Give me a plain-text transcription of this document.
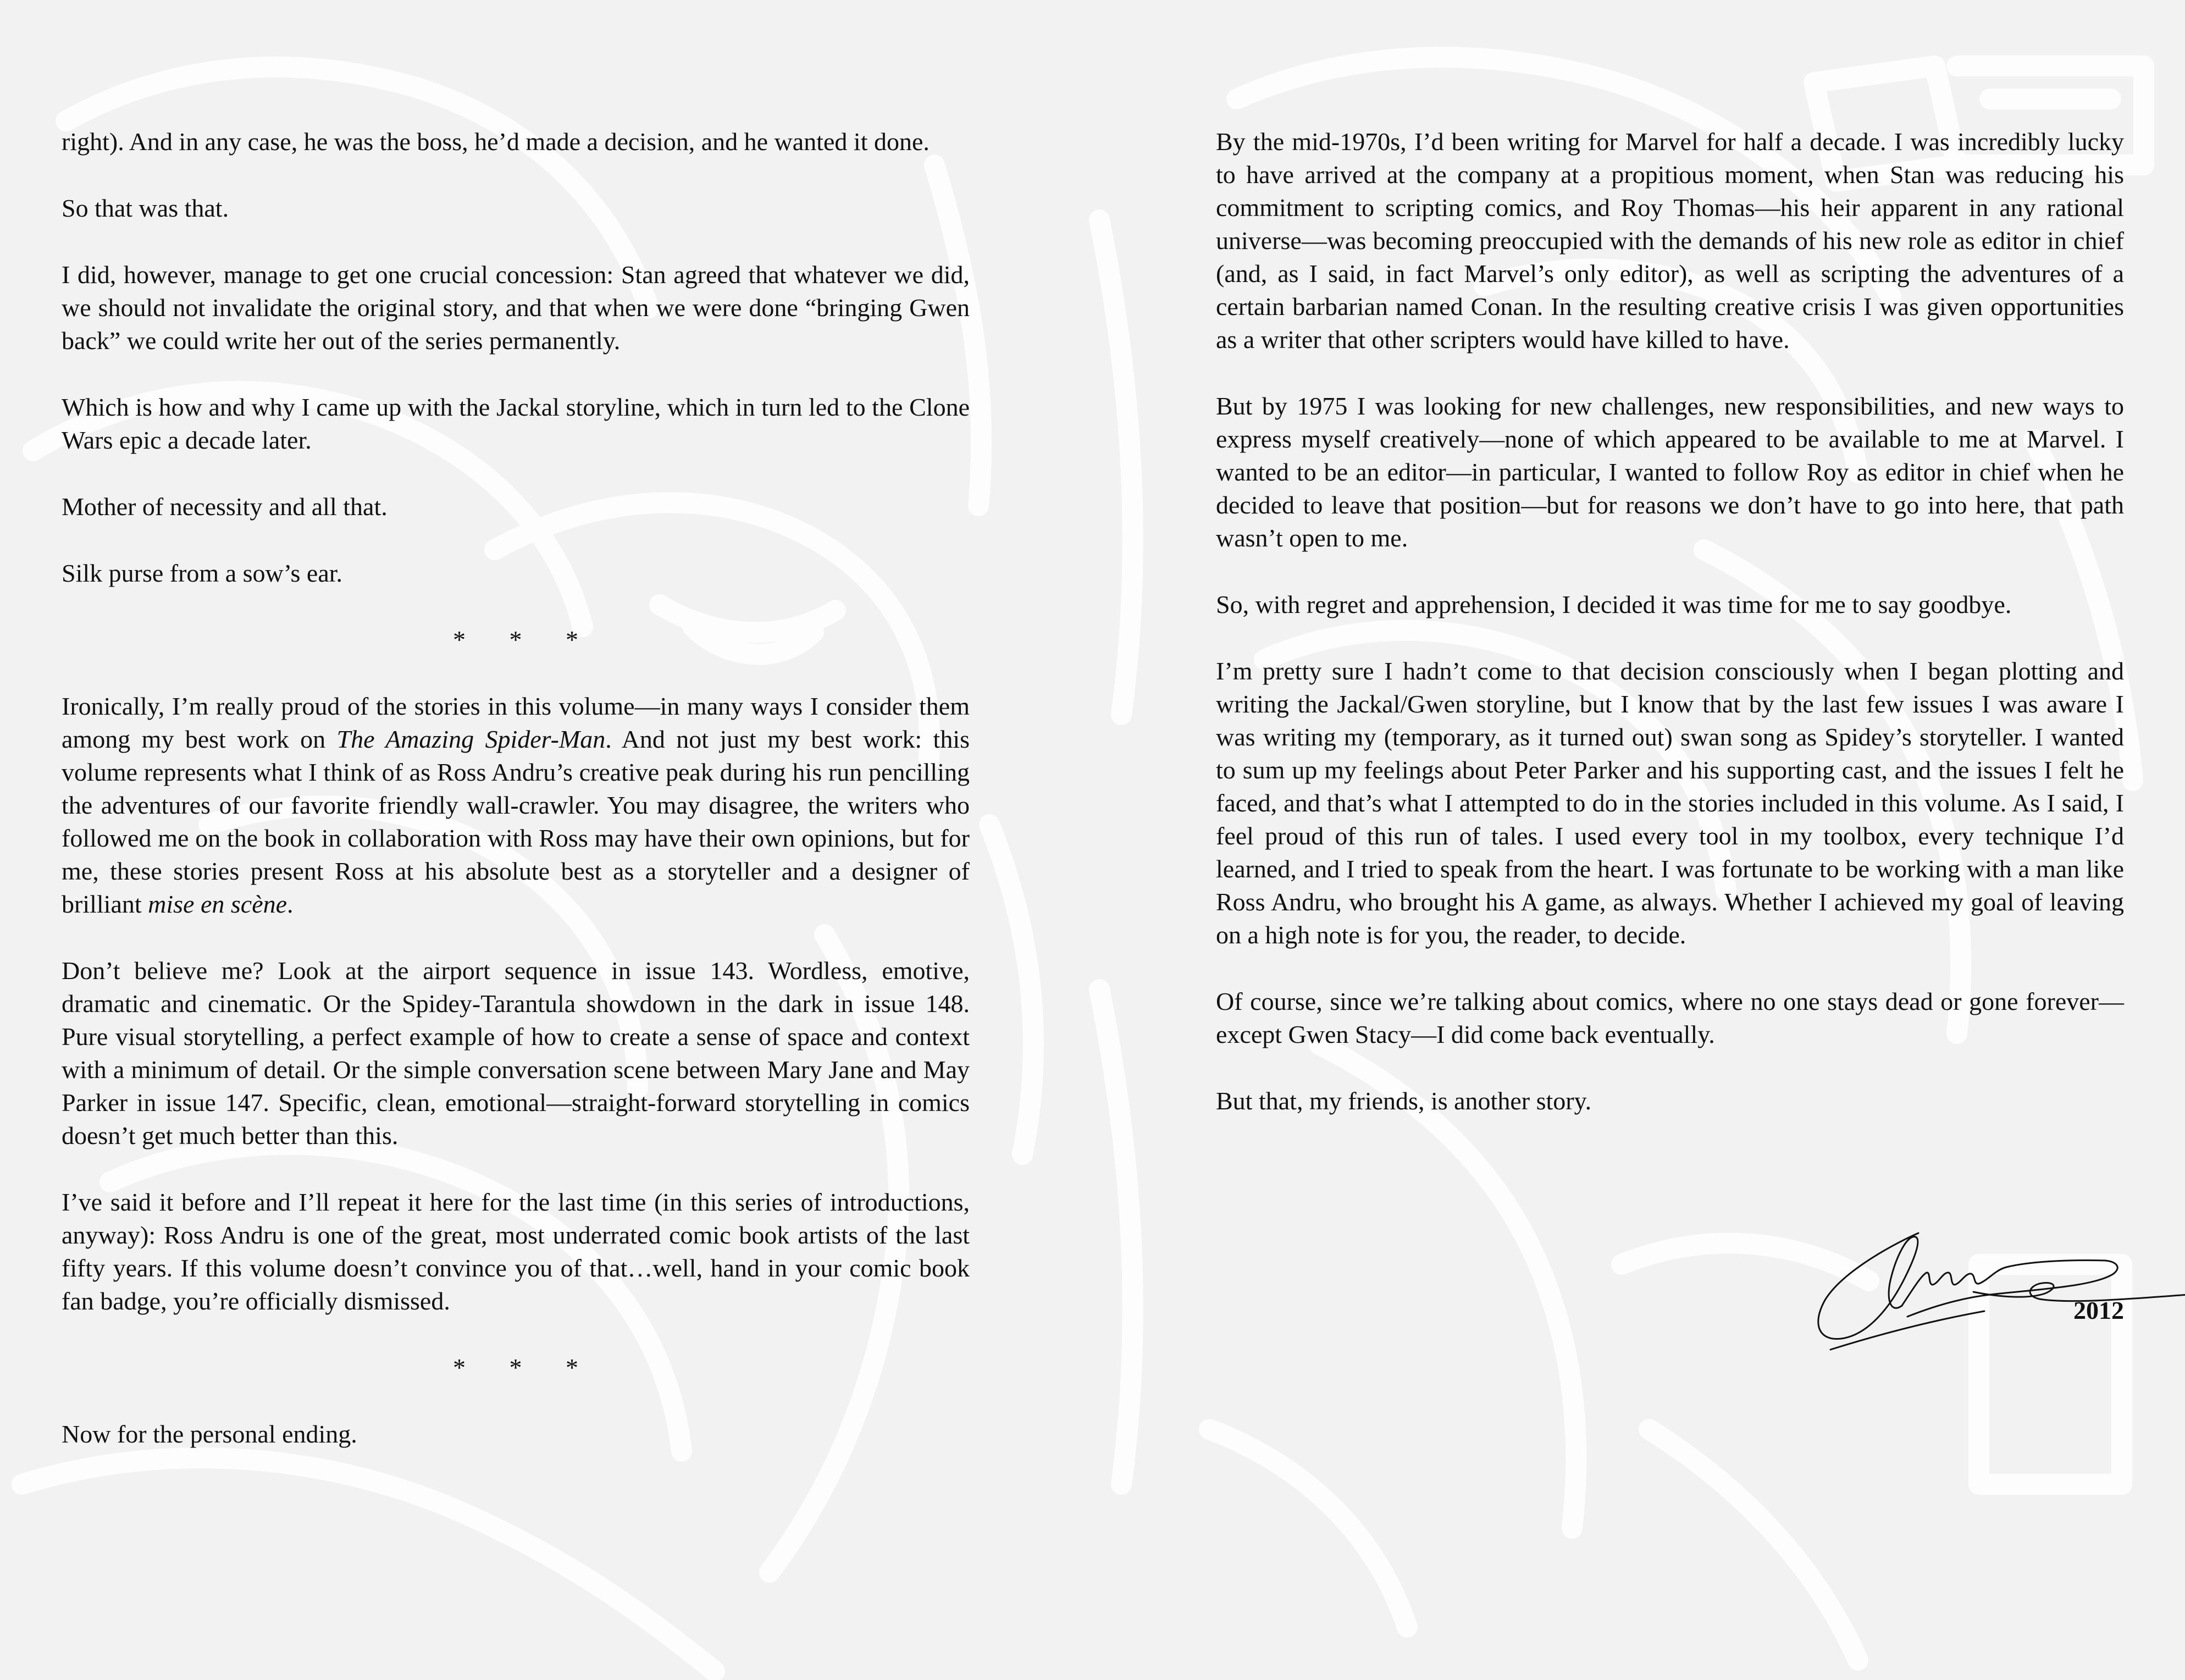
right). And in any case, he was the boss, he’d made a decision, and he wanted it done.

So that was that.

I did, however, manage to get one crucial concession: Stan agreed that whatever we did, we should not invalidate the original story, and that when we were done “bringing Gwen back” we could write her out of the series permanently.

Which is how and why I came up with the Jackal storyline, which in turn led to the Clone Wars epic a decade later.

Mother of necessity and all that.

Silk purse from a sow’s ear.

* * *

Ironically, I’m really proud of the stories in this volume—in many ways I consider them among my best work on The Amazing Spider-Man. And not just my best work: this volume represents what I think of as Ross Andru’s creative peak during his run pencilling the adventures of our favorite friendly wall-crawler. You may disagree, the writers who followed me on the book in collaboration with Ross may have their own opinions, but for me, these stories present Ross at his absolute best as a storyteller and a designer of brilliant mise en scène.

Don’t believe me? Look at the airport sequence in issue 143. Wordless, emotive, dramatic and cinematic. Or the Spidey-Tarantula showdown in the dark in issue 148. Pure visual storytelling, a perfect example of how to create a sense of space and context with a minimum of detail. Or the simple conversation scene between Mary Jane and May Parker in issue 147. Specific, clean, emotional—straight-forward storytelling in comics doesn’t get much better than this.

I’ve said it before and I’ll repeat it here for the last time (in this series of introductions, anyway): Ross Andru is one of the great, most underrated comic book artists of the last fifty years. If this volume doesn’t convince you of that…well, hand in your comic book fan badge, you’re officially dismissed.

* * *

Now for the personal ending.

By the mid-1970s, I’d been writing for Marvel for half a decade. I was incredibly lucky to have arrived at the company at a propitious moment, when Stan was reducing his commitment to scripting comics, and Roy Thomas—his heir apparent in any rational universe—was becoming preoccupied with the demands of his new role as editor in chief (and, as I said, in fact Marvel’s only editor), as well as scripting the adventures of a certain barbarian named Conan. In the resulting creative crisis I was given opportunities as a writer that other scripters would have killed to have.

But by 1975 I was looking for new challenges, new responsibilities, and new ways to express myself creatively—none of which appeared to be available to me at Marvel. I wanted to be an editor—in particular, I wanted to follow Roy as editor in chief when he decided to leave that position—but for reasons we don’t have to go into here, that path wasn’t open to me.

So, with regret and apprehension, I decided it was time for me to say goodbye.

I’m pretty sure I hadn’t come to that decision consciously when I began plotting and writing the Jackal/Gwen storyline, but I know that by the last few issues I was aware I was writing my (temporary, as it turned out) swan song as Spidey’s storyteller. I wanted to sum up my feelings about Peter Parker and his supporting cast, and the issues I felt he faced, and that’s what I attempted to do in the stories included in this volume. As I said, I feel proud of this run of tales. I used every tool in my toolbox, every technique I’d learned, and I tried to speak from the heart. I was fortunate to be working with a man like Ross Andru, who brought his A game, as always. Whether I achieved my goal of leaving on a high note is for you, the reader, to decide.

Of course, since we’re talking about comics, where no one stays dead or gone forever—except Gwen Stacy—I did come back eventually.

But that, my friends, is another story.

2012
